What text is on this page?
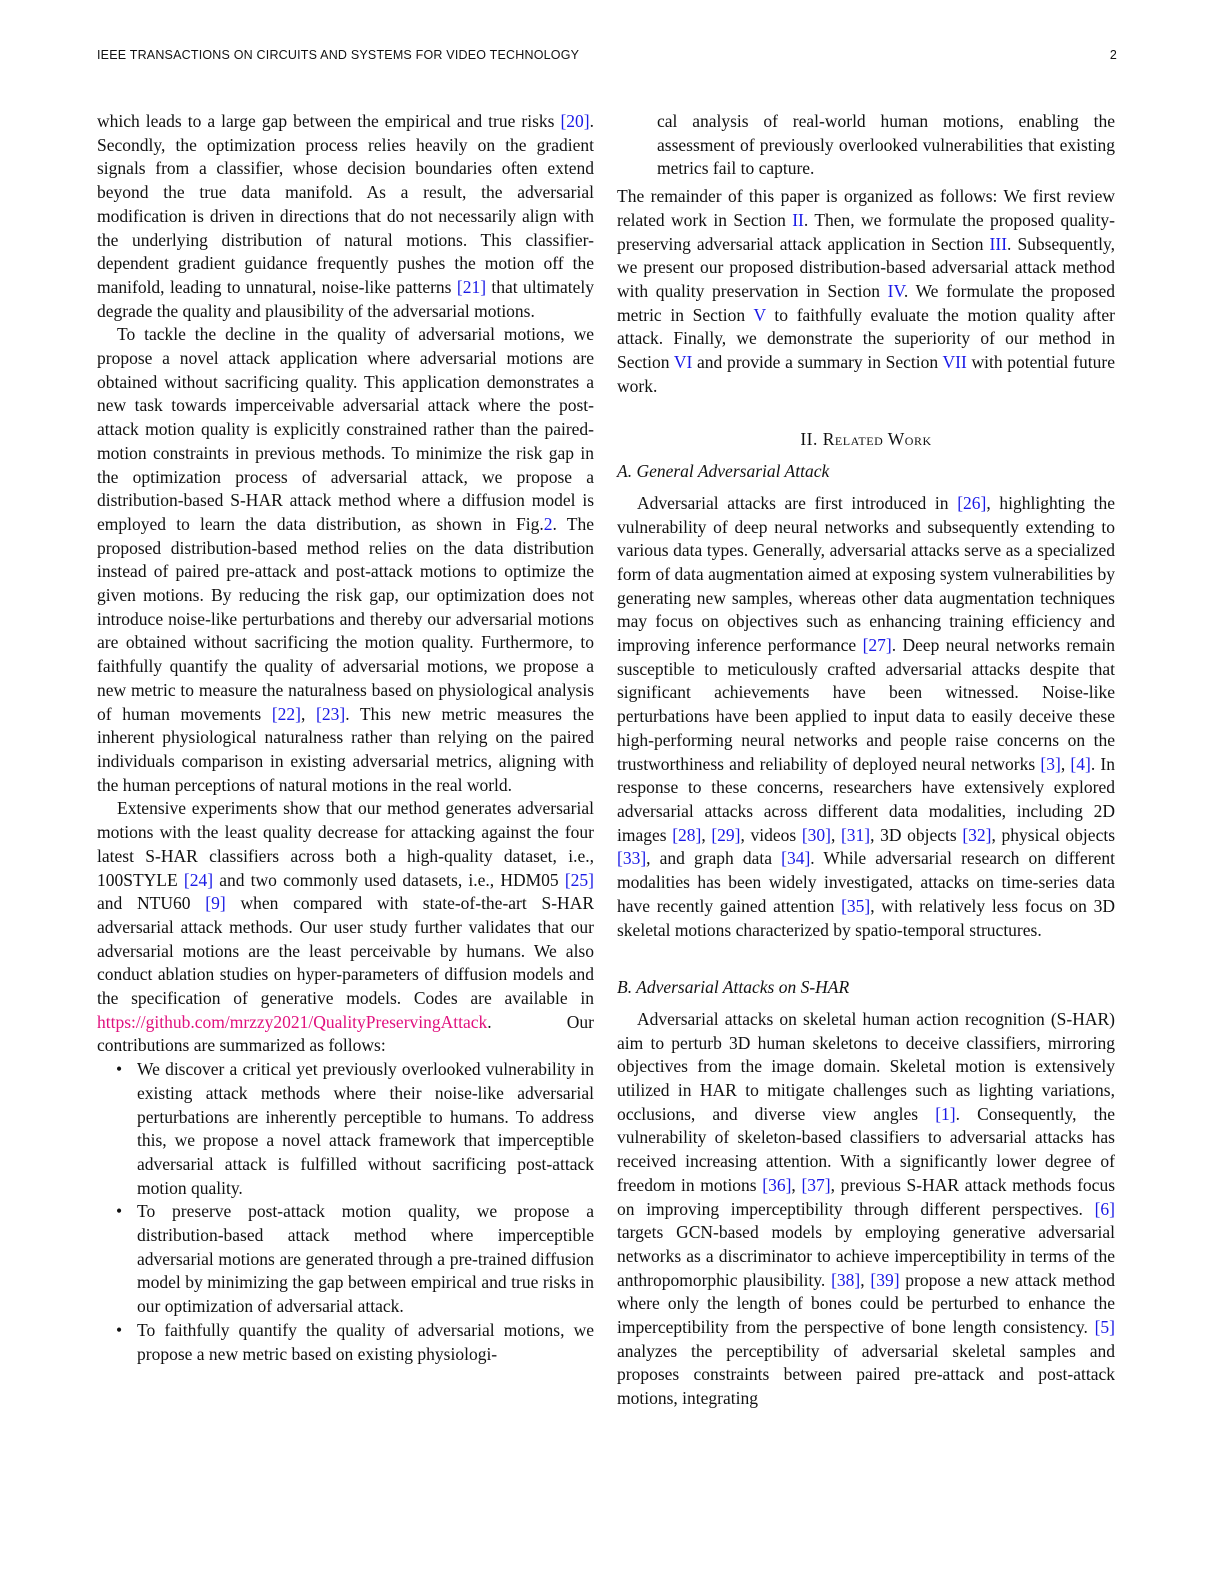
IEEE TRANSACTIONS ON CIRCUITS AND SYSTEMS FOR VIDEO TECHNOLOGY	2

which leads to a large gap between the empirical and true risks [20]. Secondly, the optimization process relies heavily on the gradient signals from a classifier, whose decision boundaries often extend beyond the true data manifold. As a result, the adversarial modification is driven in directions that do not necessarily align with the underlying distribution of natural motions. This classifier-dependent gradient guidance frequently pushes the motion off the manifold, leading to unnatural, noise-like patterns [21] that ultimately degrade the quality and plausibility of the adversarial motions.

To tackle the decline in the quality of adversarial motions, we propose a novel attack application where adversarial motions are obtained without sacrificing quality. This application demonstrates a new task towards imperceivable adversarial attack where the post-attack motion quality is explicitly constrained rather than the paired-motion constraints in previous methods. To minimize the risk gap in the optimization process of adversarial attack, we propose a distribution-based S-HAR attack method where a diffusion model is employed to learn the data distribution, as shown in Fig.2. The proposed distribution-based method relies on the data distribution instead of paired pre-attack and post-attack motions to optimize the given motions. By reducing the risk gap, our optimization does not introduce noise-like perturbations and thereby our adversarial motions are obtained without sacrificing the motion quality. Furthermore, to faithfully quantify the quality of adversarial motions, we propose a new metric to measure the naturalness based on physiological analysis of human movements [22], [23]. This new metric measures the inherent physiological naturalness rather than relying on the paired individuals comparison in existing adversarial metrics, aligning with the human perceptions of natural motions in the real world.

Extensive experiments show that our method generates adversarial motions with the least quality decrease for attacking against the four latest S-HAR classifiers across both a high-quality dataset, i.e., 100STYLE [24] and two commonly used datasets, i.e., HDM05 [25] and NTU60 [9] when compared with state-of-the-art S-HAR adversarial attack methods. Our user study further validates that our adversarial motions are the least perceivable by humans. We also conduct ablation studies on hyper-parameters of diffusion models and the specification of generative models. Codes are available in https://github.com/mrzzy2021/QualityPreservingAttack. Our contributions are summarized as follows:

• We discover a critical yet previously overlooked vulnerability in existing attack methods where their noise-like adversarial perturbations are inherently perceptible to humans. To address this, we propose a novel attack framework that imperceptible adversarial attack is fulfilled without sacrificing post-attack motion quality.
• To preserve post-attack motion quality, we propose a distribution-based attack method where imperceptible adversarial motions are generated through a pre-trained diffusion model by minimizing the gap between empirical and true risks in our optimization of adversarial attack.
• To faithfully quantify the quality of adversarial motions, we propose a new metric based on existing physiologi-
cal analysis of real-world human motions, enabling the assessment of previously overlooked vulnerabilities that existing metrics fail to capture.

The remainder of this paper is organized as follows: We first review related work in Section II. Then, we formulate the proposed quality-preserving adversarial attack application in Section III. Subsequently, we present our proposed distribution-based adversarial attack method with quality preservation in Section IV. We formulate the proposed metric in Section V to faithfully evaluate the motion quality after attack. Finally, we demonstrate the superiority of our method in Section VI and provide a summary in Section VII with potential future work.

II. Related Work
A. General Adversarial Attack

Adversarial attacks are first introduced in [26], highlighting the vulnerability of deep neural networks and subsequently extending to various data types. Generally, adversarial attacks serve as a specialized form of data augmentation aimed at exposing system vulnerabilities by generating new samples, whereas other data augmentation techniques may focus on objectives such as enhancing training efficiency and improving inference performance [27]. Deep neural networks remain susceptible to meticulously crafted adversarial attacks despite that significant achievements have been witnessed. Noise-like perturbations have been applied to input data to easily deceive these high-performing neural networks and people raise concerns on the trustworthiness and reliability of deployed neural networks [3], [4]. In response to these concerns, researchers have extensively explored adversarial attacks across different data modalities, including 2D images [28], [29], videos [30], [31], 3D objects [32], physical objects [33], and graph data [34]. While adversarial research on different modalities has been widely investigated, attacks on time-series data have recently gained attention [35], with relatively less focus on 3D skeletal motions characterized by spatio-temporal structures.

B. Adversarial Attacks on S-HAR

Adversarial attacks on skeletal human action recognition (S-HAR) aim to perturb 3D human skeletons to deceive classifiers, mirroring objectives from the image domain. Skeletal motion is extensively utilized in HAR to mitigate challenges such as lighting variations, occlusions, and diverse view angles [1]. Consequently, the vulnerability of skeleton-based classifiers to adversarial attacks has received increasing attention. With a significantly lower degree of freedom in motions [36], [37], previous S-HAR attack methods focus on improving imperceptibility through different perspectives. [6] targets GCN-based models by employing generative adversarial networks as a discriminator to achieve imperceptibility in terms of the anthropomorphic plausibility. [38], [39] propose a new attack method where only the length of bones could be perturbed to enhance the imperceptibility from the perspective of bone length consistency. [5] analyzes the perceptibility of adversarial skeletal samples and proposes constraints between paired pre-attack and post-attack motions, integrating
